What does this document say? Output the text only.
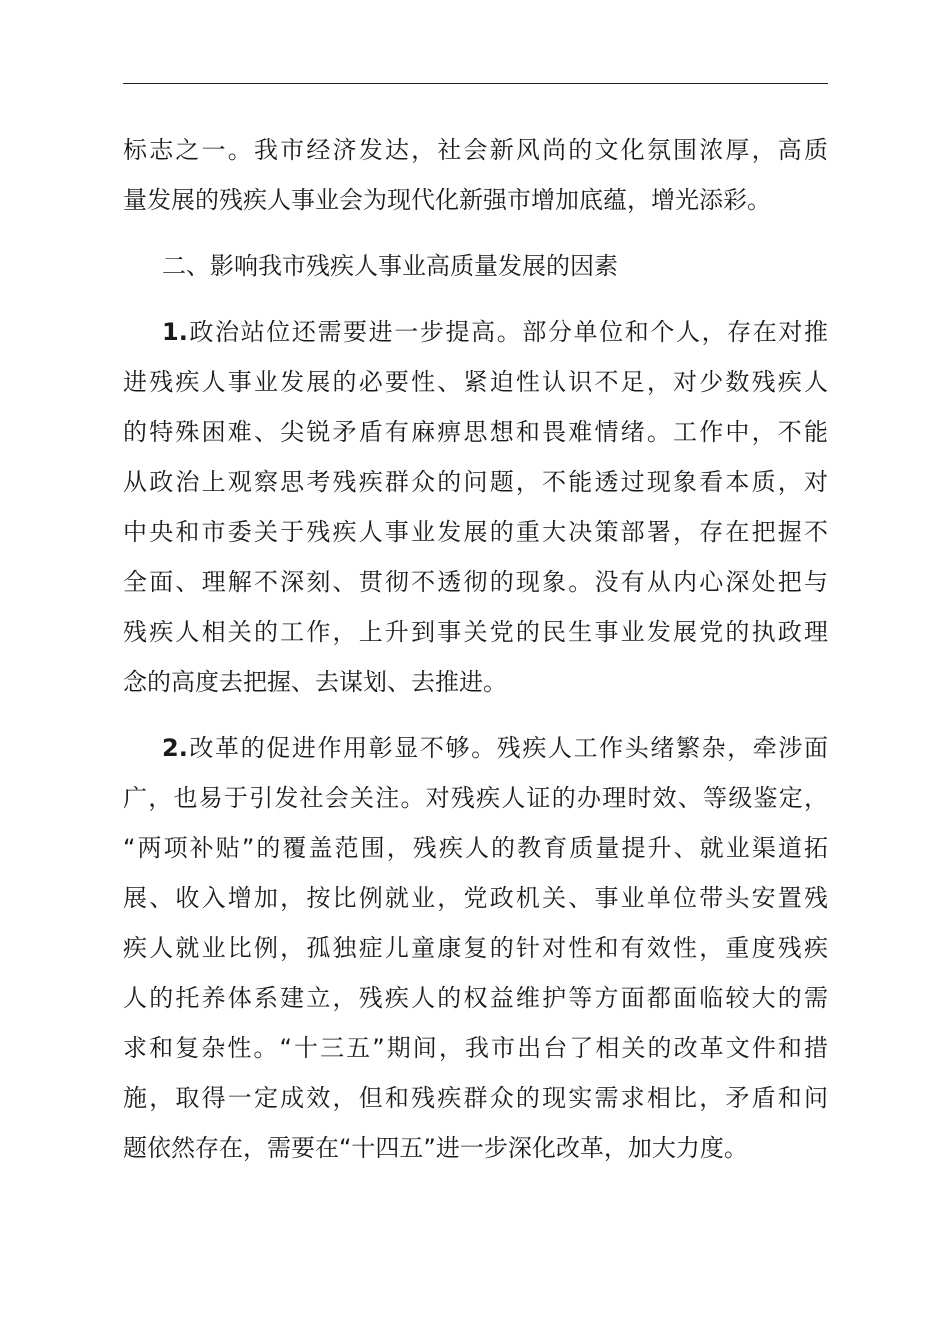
标志之一。我市经济发达，社会新风尚的文化氛围浓厚，高质
量发展的残疾人事业会为现代化新强市增加底蕴，增光添彩。
二、影响我市残疾人事业高质量发展的因素
1.政治站位还需要进一步提高。部分单位和个人，存在对推
进残疾人事业发展的必要性、紧迫性认识不足，对少数残疾人
的特殊困难、尖锐矛盾有麻痹思想和畏难情绪。工作中，不能
从政治上观察思考残疾群众的问题，不能透过现象看本质，对
中央和市委关于残疾人事业发展的重大决策部署，存在把握不
全面、理解不深刻、贯彻不透彻的现象。没有从内心深处把与
残疾人相关的工作，上升到事关党的民生事业发展党的执政理
念的高度去把握、去谋划、去推进。
2.改革的促进作用彰显不够。残疾人工作头绪繁杂，牵涉面
广，也易于引发社会关注。对残疾人证的办理时效、等级鉴定，
“两项补贴”的覆盖范围，残疾人的教育质量提升、就业渠道拓
展、收入增加，按比例就业，党政机关、事业单位带头安置残
疾人就业比例，孤独症儿童康复的针对性和有效性，重度残疾
人的托养体系建立，残疾人的权益维护等方面都面临较大的需
求和复杂性。“十三五”期间，我市出台了相关的改革文件和措
施，取得一定成效，但和残疾群众的现实需求相比，矛盾和问
题依然存在，需要在“十四五”进一步深化改革，加大力度。
